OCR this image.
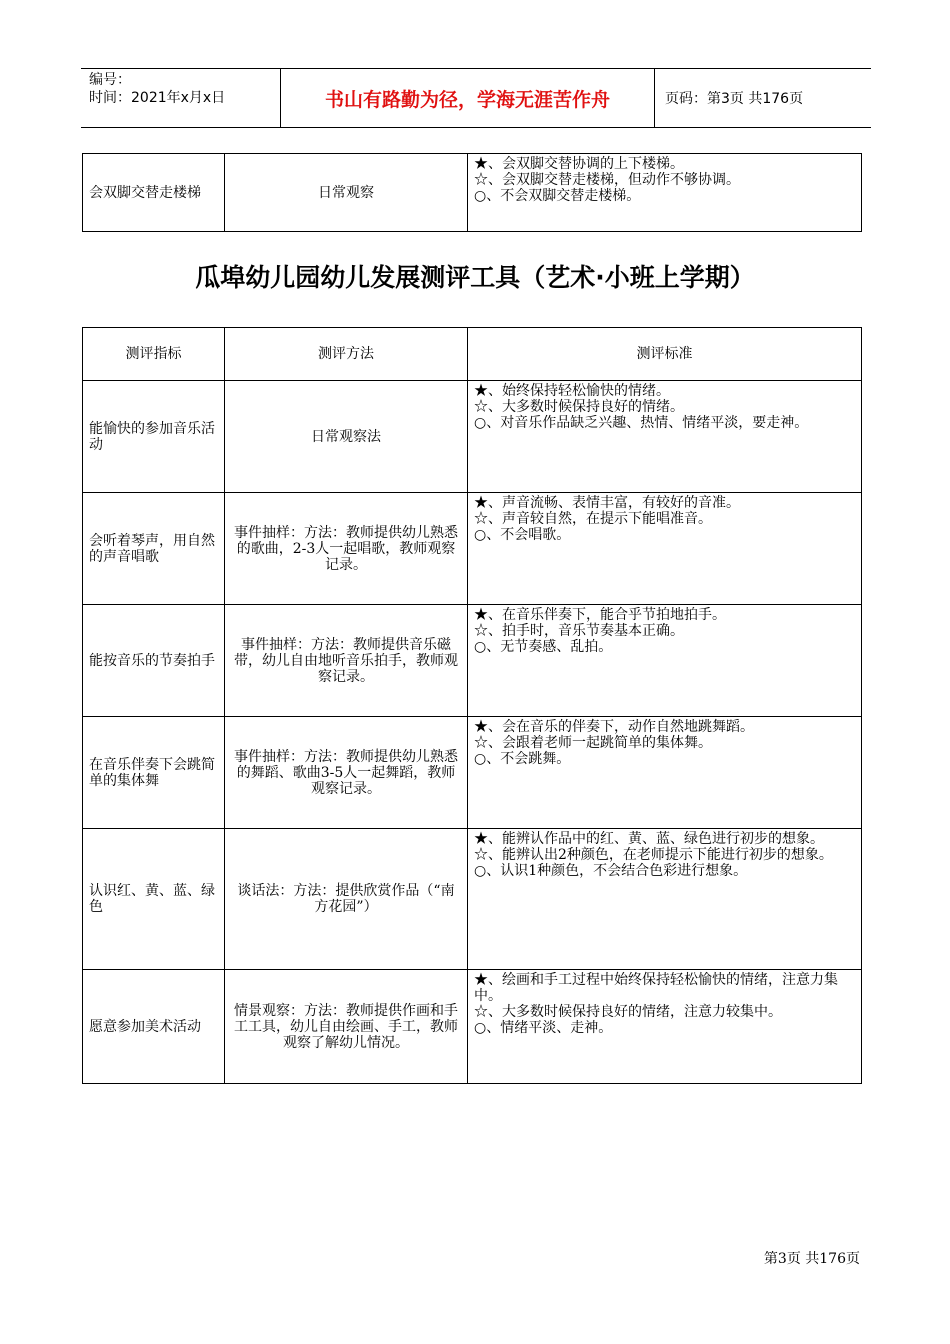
编号：
时间：2021年x月x日	书山有路勤为径，学海无涯苦作舟	页码：第3页 共176页
会双脚交替走楼梯	日常观察	
★、会双脚交替协调的上下楼梯。
☆、会双脚交替走楼梯，但动作不够协调。
○、不会双脚交替走楼梯。
瓜埠幼儿园幼儿发展测评工具（艺术·小班上学期）
测评指标	测评方法	测评标准
能愉快的参加音乐活动	日常观察法	★、始终保持轻松愉快的情绪。
☆、大多数时候保持良好的情绪。
○、对音乐作品缺乏兴趣、热情、情绪平淡，要走神。

会听着琴声，用自然的声音唱歌	事件抽样：方法：教师提供幼儿熟悉的歌曲，2-3人一起唱歌，教师观察记录。	★、声音流畅、表情丰富，有较好的音准。
☆、声音较自然，在提示下能唱准音。
○、不会唱歌。

能按音乐的节奏拍手	事件抽样：方法：教师提供音乐磁带，幼儿自由地听音乐拍手，教师观察记录。	★、在音乐伴奏下，能合乎节拍地拍手。
☆、拍手时，音乐节奏基本正确。
○、无节奏感、乱拍。

在音乐伴奏下会跳简单的集体舞	事件抽样：方法：教师提供幼儿熟悉的舞蹈、歌曲3-5人一起舞蹈，教师观察记录。	★、会在音乐的伴奏下，动作自然地跳舞蹈。
☆、会跟着老师一起跳简单的集体舞。
○、不会跳舞。

认识红、黄、蓝、绿色	谈话法：方法：提供欣赏作品（“南方花园”）	★、能辨认作品中的红、黄、蓝、绿色进行初步的想象。
☆、能辨认出2种颜色，在老师提示下能进行初步的想象。
○、认识1种颜色，不会结合色彩进行想象。

愿意参加美术活动	情景观察：方法：教师提供作画和手工工具，幼儿自由绘画、手工，教师观察了解幼儿情况。	★、绘画和手工过程中始终保持轻松愉快的情绪，注意力集中。
☆、大多数时候保持良好的情绪，注意力较集中。
○、情绪平淡、走神。
第3页 共176页
